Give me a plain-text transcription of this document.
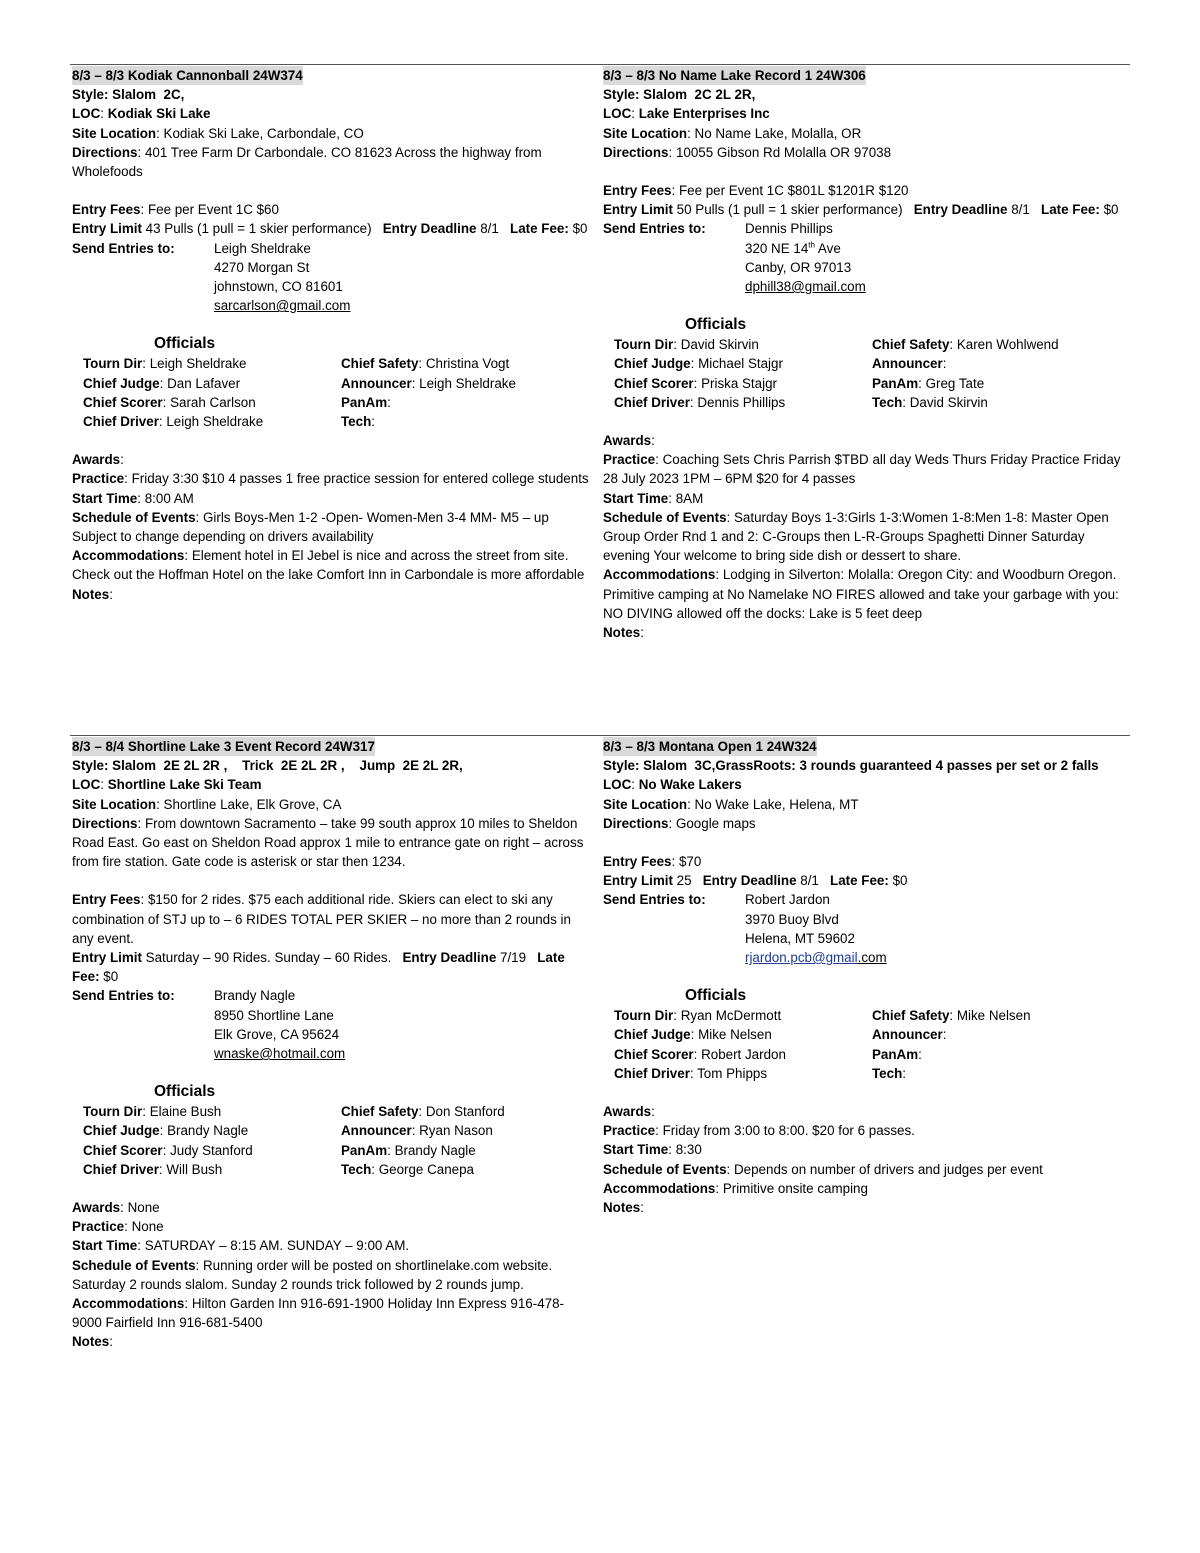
8/3 – 8/3 Kodiak Cannonball 24W374
Style: Slalom  2C,
LOC: Kodiak Ski Lake
Site Location: Kodiak Ski Lake, Carbondale, CO
Directions: 401 Tree Farm Dr Carbondale. CO 81623 Across the highway from Wholefoods
Entry Fees: Fee per Event 1C $60
Entry Limit 43 Pulls (1 pull = 1 skier performance) Entry Deadline 8/1 Late Fee: $0
Send Entries to:	Leigh Sheldrake
4270 Morgan St
johnstown, CO 81601
sarcarlson@gmail.com
Officials
Tourn Dir: Leigh Sheldrake	Chief Safety: Christina Vogt
Chief Judge: Dan Lafaver	Announcer: Leigh Sheldrake
Chief Scorer: Sarah Carlson	PanAm:
Chief Driver: Leigh Sheldrake	Tech:
Awards:
Practice: Friday 3:30 $10 4 passes 1 free practice session for entered college students
Start Time: 8:00 AM
Schedule of Events: Girls Boys-Men 1-2 -Open- Women-Men 3-4 MM- M5 – up Subject to change depending on drivers availability
Accommodations: Element hotel in El Jebel is nice and across the street from site. Check out the Hoffman Hotel on the lake Comfort Inn in Carbondale is more affordable
Notes:
8/3 – 8/3 No Name Lake Record 1 24W306
Style: Slalom  2C 2L 2R,
LOC: Lake Enterprises Inc
Site Location: No Name Lake, Molalla, OR
Directions: 10055 Gibson Rd Molalla OR 97038
Entry Fees: Fee per Event 1C $801L $1201R $120
Entry Limit 50 Pulls (1 pull = 1 skier performance) Entry Deadline 8/1 Late Fee: $0
Send Entries to:	Dennis Phillips
320 NE 14th Ave
Canby, OR 97013
dphill38@gmail.com
Officials
Tourn Dir: David Skirvin	Chief Safety: Karen Wohlwend
Chief Judge: Michael Stajgr	Announcer:
Chief Scorer: Priska Stajgr	PanAm: Greg Tate
Chief Driver: Dennis Phillips	Tech: David Skirvin
Awards:
Practice: Coaching Sets Chris Parrish $TBD all day Weds Thurs Friday Practice Friday 28 July 2023 1PM – 6PM $20 for 4 passes
Start Time: 8AM
Schedule of Events: Saturday Boys 1-3:Girls 1-3:Women 1-8:Men 1-8: Master Open Group Order Rnd 1 and 2: C-Groups then L-R-Groups Spaghetti Dinner Saturday evening Your welcome to bring side dish or dessert to share.
Accommodations: Lodging in Silverton: Molalla: Oregon City: and Woodburn Oregon. Primitive camping at No Namelake NO FIRES allowed and take your garbage with you: NO DIVING allowed off the docks: Lake is 5 feet deep
Notes:
8/3 – 8/4 Shortline Lake 3 Event Record 24W317
Style: Slalom  2E 2L 2R ,    Trick  2E 2L 2R ,    Jump  2E 2L 2R,
LOC: Shortline Lake Ski Team
Site Location: Shortline Lake, Elk Grove, CA
Directions: From downtown Sacramento – take 99 south approx 10 miles to Sheldon Road East. Go east on Sheldon Road approx 1 mile to entrance gate on right – across from fire station. Gate code is asterisk or star then 1234.
Entry Fees: $150 for 2 rides. $75 each additional ride. Skiers can elect to ski any combination of STJ up to – 6 RIDES TOTAL PER SKIER – no more than 2 rounds in any event.
Entry Limit Saturday – 90 Rides. Sunday – 60 Rides. Entry Deadline 7/19 Late Fee: $0
Send Entries to:	Brandy Nagle
8950 Shortline Lane
Elk Grove, CA 95624
wnaske@hotmail.com
Officials
Tourn Dir: Elaine Bush	Chief Safety: Don Stanford
Chief Judge: Brandy Nagle	Announcer: Ryan Nason
Chief Scorer: Judy Stanford	PanAm: Brandy Nagle
Chief Driver: Will Bush	Tech: George Canepa
Awards: None
Practice: None
Start Time: SATURDAY – 8:15 AM. SUNDAY – 9:00 AM.
Schedule of Events: Running order will be posted on shortlinelake.com website. Saturday 2 rounds slalom. Sunday 2 rounds trick followed by 2 rounds jump.
Accommodations: Hilton Garden Inn 916-691-1900 Holiday Inn Express 916-478-9000 Fairfield Inn 916-681-5400
Notes:
8/3 – 8/3 Montana Open 1 24W324
Style: Slalom  3C,GrassRoots: 3 rounds guaranteed 4 passes per set or 2 falls
LOC: No Wake Lakers
Site Location: No Wake Lake, Helena, MT
Directions: Google maps
Entry Fees: $70
Entry Limit 25 Entry Deadline 8/1 Late Fee: $0
Send Entries to:	Robert Jardon
3970 Buoy Blvd
Helena, MT 59602
rjardon.pcb@gmail.com
Officials
Tourn Dir: Ryan McDermott	Chief Safety: Mike Nelsen
Chief Judge: Mike Nelsen	Announcer:
Chief Scorer: Robert Jardon	PanAm:
Chief Driver: Tom Phipps	Tech:
Awards:
Practice: Friday from 3:00 to 8:00. $20 for 6 passes.
Start Time: 8:30
Schedule of Events: Depends on number of drivers and judges per event
Accommodations: Primitive onsite camping
Notes:
